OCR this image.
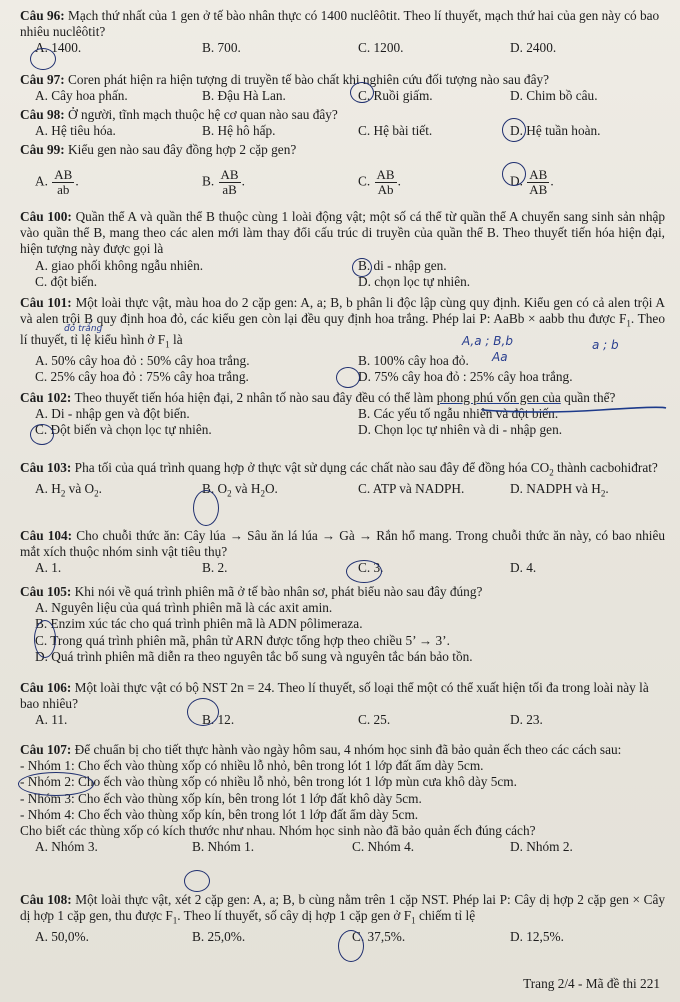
Câu 96: Mạch thứ nhất của 1 gen ở tế bào nhân thực có 1400 nuclêôtit. Theo lí thuyết, mạch thứ hai của gen này có bao nhiêu nuclêôtit?
A. 1400.	B. 700.	C. 1200.	D. 2400.
Câu 97: Coren phát hiện ra hiện tượng di truyền tế bào chất khi nghiên cứu đối tượng nào sau đây?
A. Cây hoa phấn.	B. Đậu Hà Lan.	C. Ruồi giấm.	D. Chim bồ câu.
Câu 98: Ở người, tĩnh mạch thuộc hệ cơ quan nào sau đây?
A. Hệ tiêu hóa.	B. Hệ hô hấp.	C. Hệ bài tiết.	D. Hệ tuần hoàn.
Câu 99: Kiểu gen nào sau đây đồng hợp 2 cặp gen?
A. $\frac{AB}{ab}$ .	B. $\frac{AB}{aB}$ .	C. $\frac{AB}{Ab}$ .	D. $\frac{AB}{AB}$ .
Câu 100: Quần thể A và quần thể B thuộc cùng 1 loài động vật; một số cá thể từ quần thể A chuyển sang sinh sản nhập vào quần thể B, mang theo các alen mới làm thay đổi cấu trúc di truyền của quần thể B. Theo thuyết tiến hóa hiện đại, hiện tượng này được gọi là
A. giao phối không ngẫu nhiên.	B. di - nhập gen.
C. đột biến.	D. chọn lọc tự nhiên.
Câu 101: Một loài thực vật, màu hoa do 2 cặp gen: A, a; B, b phân li độc lập cùng quy định. Kiểu gen có cả alen trội A và alen trội B quy định hoa đỏ, các kiểu gen còn lại đều quy định hoa trắng. Phép lai P: AaBb × aabb thu được $F_1$. Theo lí thuyết, tỉ lệ kiểu hình ở $F_1$ là
A. 50% cây hoa đỏ : 50% cây hoa trắng.	B. 100% cây hoa đỏ.
C. 25% cây hoa đỏ : 75% cây hoa trắng.	D. 75% cây hoa đỏ : 25% cây hoa trắng.
A,a ; B,b	a ; b
Aa
đỏ trắng
Câu 102: Theo thuyết tiến hóa hiện đại, 2 nhân tố nào sau đây đều có thể làm phong phú vốn gen của quần thể?
A. Di - nhập gen và đột biến.	B. Các yếu tố ngẫu nhiên và đột biến.
C. Đột biến và chọn lọc tự nhiên.	D. Chọn lọc tự nhiên và di - nhập gen.
Câu 103: Pha tối của quá trình quang hợp ở thực vật sử dụng các chất nào sau đây để đồng hóa $CO_2$ thành cacbohiđrat?
A. $H_2$ và $O_2$.	B. $O_2$ và $H_2O$.	C. ATP và NADPH.	D. NADPH và $H_2$.
Câu 104: Cho chuỗi thức ăn: Cây lúa → Sâu ăn lá lúa → Gà → Rắn hổ mang. Trong chuỗi thức ăn này, có bao nhiêu mắt xích thuộc nhóm sinh vật tiêu thụ?
A. 1.	B. 2.	C. 3.	D. 4.
Câu 105: Khi nói về quá trình phiên mã ở tế bào nhân sơ, phát biểu nào sau đây đúng?
A. Nguyên liệu của quá trình phiên mã là các axit amin.
B. Enzim xúc tác cho quá trình phiên mã là ADN pôlimeraza.
C. Trong quá trình phiên mã, phân tử ARN được tổng hợp theo chiều 5’ → 3’.
D. Quá trình phiên mã diễn ra theo nguyên tắc bổ sung và nguyên tắc bán bảo tồn.
Câu 106: Một loài thực vật có bộ NST 2n = 24. Theo lí thuyết, số loại thể một có thể xuất hiện tối đa trong loài này là bao nhiêu?
A. 11.	B. 12.	C. 25.	D. 23.
Câu 107: Để chuẩn bị cho tiết thực hành vào ngày hôm sau, 4 nhóm học sinh đã bảo quản ếch theo các cách sau:
- Nhóm 1: Cho ếch vào thùng xốp có nhiều lỗ nhỏ, bên trong lót 1 lớp đất ẩm dày 5cm.
- Nhóm 2: Cho ếch vào thùng xốp có nhiều lỗ nhỏ, bên trong lót 1 lớp mùn cưa khô dày 5cm.
- Nhóm 3: Cho ếch vào thùng xốp kín, bên trong lót 1 lớp đất khô dày 5cm.
- Nhóm 4: Cho ếch vào thùng xốp kín, bên trong lót 1 lớp đất ẩm dày 5cm.
Cho biết các thùng xốp có kích thước như nhau. Nhóm học sinh nào đã bảo quản ếch đúng cách?
A. Nhóm 3.	B. Nhóm 1.	C. Nhóm 4.	D. Nhóm 2.
Câu 108: Một loài thực vật, xét 2 cặp gen: A, a; B, b cùng nằm trên 1 cặp NST. Phép lai P: Cây dị hợp 2 cặp gen × Cây dị hợp 1 cặp gen, thu được $F_1$. Theo lí thuyết, số cây dị hợp 1 cặp gen ở $F_1$ chiếm tỉ lệ
A. 50,0%.	B. 25,0%.	C. 37,5%.	D. 12,5%.
Trang 2/4 - Mã đề thi 221
